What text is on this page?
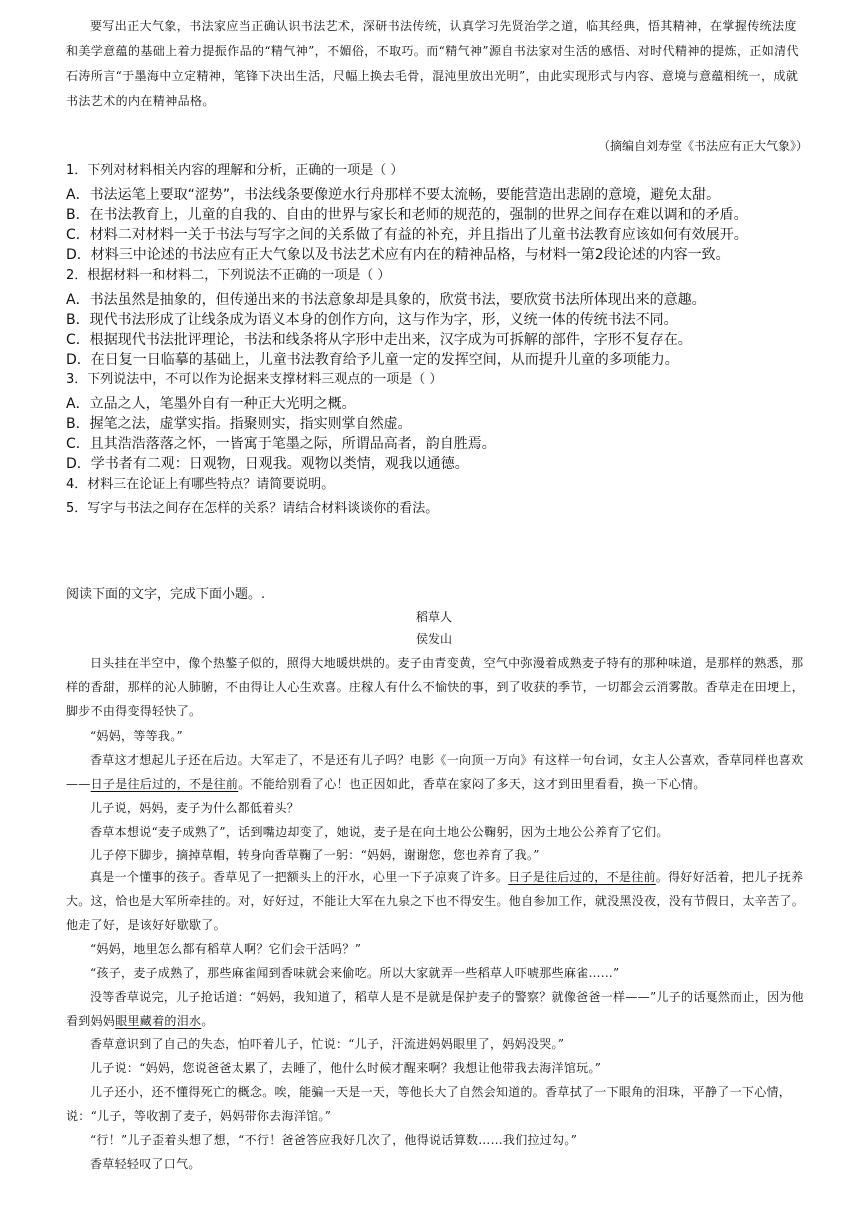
要写出正大气象，书法家应当正确认识书法艺术，深研书法传统，认真学习先贤治学之道，临其经典，悟其精神，在掌握传统法度和美学意蕴的基础上着力提振作品的“精气神”，不媚俗，不取巧。而“精气神”源自书法家对生活的感悟、对时代精神的提炼，正如清代石涛所言“于墨海中立定精神，笔锋下决出生活，尺幅上换去毛骨，混沌里放出光明”，由此实现形式与内容、意境与意蕴相统一，成就书法艺术的内在精神品格。
（摘编自刘寿堂《书法应有正大气象》）
1．下列对材料相关内容的理解和分析，正确的一项是（ ）
A．书法运笔上要取“涩势”，书法线条要像逆水行舟那样不要太流畅，要能营造出悲剧的意境，避免太甜。
B．在书法教育上，儿童的自我的、自由的世界与家长和老师的规范的，强制的世界之间存在难以调和的矛盾。
C．材料二对材料一关于书法与写字之间的关系做了有益的补充，并且指出了儿童书法教育应该如何有效展开。
D．材料三中论述的书法应有正大气象以及书法艺术应有内在的精神品格，与材料一第2段论述的内容一致。
2．根据材料一和材料二，下列说法不正确的一项是（ ）
A．书法虽然是抽象的，但传递出来的书法意象却是具象的，欣赏书法，要欣赏书法所体现出来的意趣。
B．现代书法形成了让线条成为语义本身的创作方向，这与作为字，形，义统一体的传统书法不同。
C．根据现代书法批评理论，书法和线条将从字形中走出来，汉字成为可拆解的部件，字形不复存在。
D．在日复一日临摹的基础上，儿童书法教育给予儿童一定的发挥空间，从而提升儿童的多项能力。
3．下列说法中，不可以作为论据来支撑材料三观点的一项是（ ）
A．立品之人，笔墨外自有一种正大光明之概。
B．握笔之法，虚掌实指。指聚则实，指实则掌自然虚。
C．且其浩浩落落之怀，一皆寓于笔墨之际，所谓品高者，韵自胜焉。
D．学书者有二观：日观物，日观我。观物以类情，观我以通德。
4．材料三在论证上有哪些特点？请简要说明。
5．写字与书法之间存在怎样的关系？请结合材料谈谈你的看法。
阅读下面的文字，完成下面小题。.
稻草人
侯发山
日头挂在半空中，像个热鏊子似的，照得大地暖烘烘的。麦子由青变黄，空气中弥漫着成熟麦子特有的那种味道，是那样的熟悉，那样的香甜，那样的沁人肺腑，不由得让人心生欢喜。庄稼人有什么不愉快的事，到了收获的季节，一切都会云消雾散。香草走在田埂上，脚步不由得变得轻快了。
“妈妈，等等我。”
香草这才想起儿子还在后边。大军走了，不是还有儿子吗？电影《一向顶一万向》有这样一句台词，女主人公喜欢，香草同样也喜欢——日子是往后过的，不是往前。不能给别看了心！也正因如此，香草在家闷了多天，这才到田里看看，换一下心情。
儿子说，妈妈，麦子为什么都低着头？
香草本想说“麦子成熟了”，话到嘴边却变了，她说，麦子是在向土地公公鞠躬，因为土地公公养育了它们。
儿子停下脚步，摘掉草帽，转身向香草鞠了一躬：“妈妈，谢谢您，您也养育了我。”
真是一个懂事的孩子。香草见了一把额头上的汗水，心里一下子凉爽了许多。日子是往后过的，不是往前。得好好活着，把儿子抚养大。这，恰也是大军所牵挂的。对，好好过，不能让大军在九泉之下也不得安生。他自参加工作，就没黑没夜，没有节假日，太辛苦了。他走了好，是该好好歇歇了。
“妈妈，地里怎么都有稻草人啊？它们会干活吗？”
“孩子，麦子成熟了，那些麻雀闻到香味就会来偷吃。所以大家就弄一些稻草人吓唬那些麻雀……”
没等香草说完，儿子抢话道：“妈妈，我知道了，稻草人是不是就是保护麦子的警察？就像爸爸一样——”儿子的话戛然而止，因为他看到妈妈眼里藏着的泪水。
香草意识到了自己的失态，怕吓着儿子，忙说：“儿子，汗流进妈妈眼里了，妈妈没哭。”
儿子说：“妈妈，您说爸爸太累了，去睡了，他什么时候才醒来啊？我想让他带我去海洋馆玩。”
儿子还小，还不懂得死亡的概念。唉，能骗一天是一天，等他长大了自然会知道的。香草拭了一下眼角的泪珠，平静了一下心情，说：“儿子，等收割了麦子，妈妈带你去海洋馆。”
“行！”儿子歪着头想了想，“不行！爸爸答应我好几次了，他得说话算数……我们拉过勾。”
香草轻轻叹了口气。
